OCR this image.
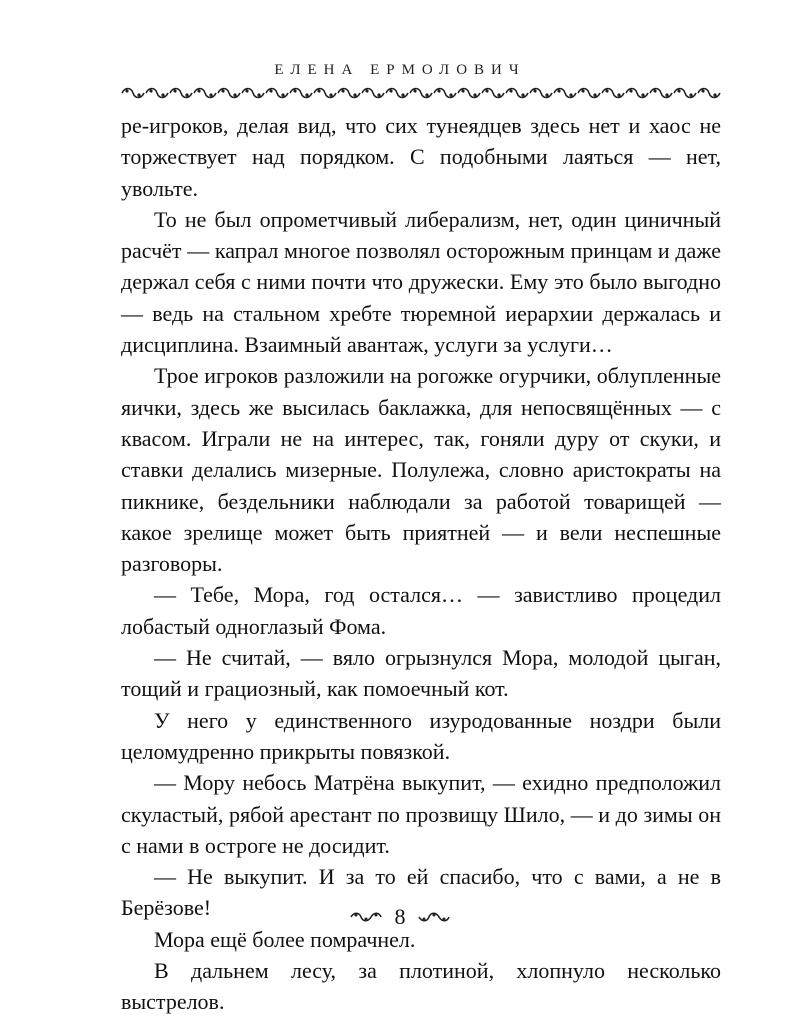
ЕЛЕНА ЕРМОЛОВИЧ

ре-игроков, делая вид, что сих тунеядцев здесь нет и хаос не торжествует над порядком. С подобными лаяться — нет, увольте.

То не был опрометчивый либерализм, нет, один циничный расчёт — капрал многое позволял осторожным принцам и даже держал себя с ними почти что дружески. Ему это было выгодно — ведь на стальном хребте тюремной иерархии держалась и дисциплина. Взаимный авантаж, услуги за услуги…

Трое игроков разложили на рогожке огурчики, облупленные яички, здесь же высилась баклажка, для непосвящённых — с квасом. Играли не на интерес, так, гоняли дуру от скуки, и ставки делались мизерные. Полулежа, словно аристократы на пикнике, бездельники наблюдали за работой товарищей — какое зрелище может быть приятней — и вели неспешные разговоры.

— Тебе, Мора, год остался… — завистливо процедил лобастый одноглазый Фома.

— Не считай, — вяло огрызнулся Мора, молодой цыган, тощий и грациозный, как помоечный кот.

У него у единственного изуродованные ноздри были целомудренно прикрыты повязкой.

— Мору небось Матрёна выкупит, — ехидно предположил скуластый, рябой арестант по прозвищу Шило, — и до зимы он с нами в остроге не досидит.

— Не выкупит. И за то ей спасибо, что с вами, а не в Берёзове!

Мора ещё более помрачнел.

В дальнем лесу, за плотиной, хлопнуло несколько выстрелов.

8
